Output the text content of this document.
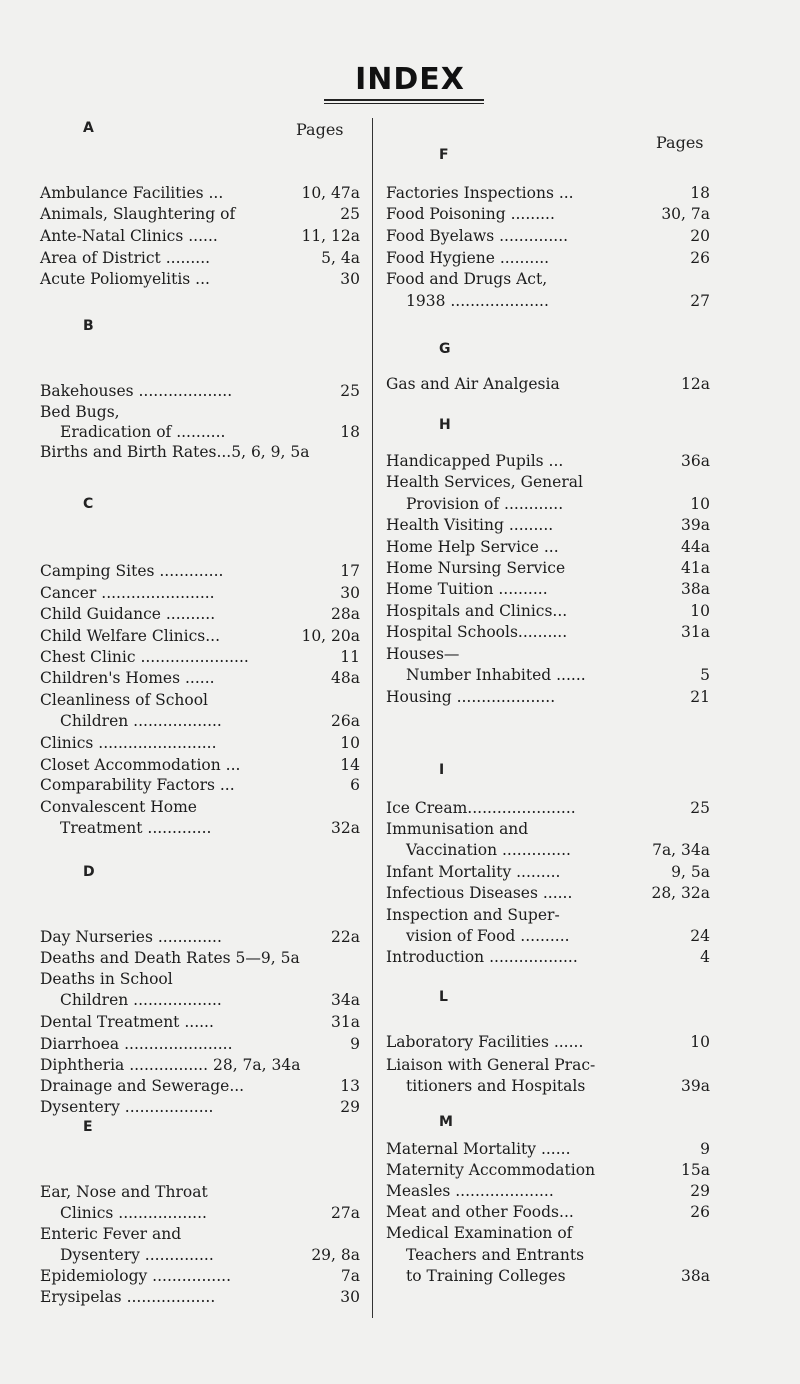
INDEX
Pages
Pages
A
Ambulance Facilities ...	10, 47a
Animals, Slaughtering of	25
Ante-Natal Clinics ......	11, 12a
Area of District .........	5, 4a
Acute Poliomyelitis ...	30
B
Bakehouses ...................	25
Bed Bugs,
Eradication of ..........	18
Births and Birth Rates...5, 6, 9, 5a
C
Camping Sites .............	17
Cancer .......................	30
Child Guidance ..........	28a
Child Welfare Clinics...	10, 20a
Chest Clinic ......................	11
Children's Homes ......	48a
Cleanliness of School
Children ..................	26a
Clinics ........................	10
Closet Accommodation ...	14
Comparability Factors ...	6
Convalescent Home
Treatment .............	32a
D
Day Nurseries .............	22a
Deaths and Death Rates 5—9, 5a
Deaths in School
Children ..................	34a
Dental Treatment ......	31a
Diarrhoea ......................	9
Diphtheria ................ 28, 7a, 34a
Drainage and Sewerage...	13
Dysentery ..................	29
E
Ear, Nose and Throat
Clinics ..................	27a
Enteric Fever and
Dysentery ..............	29, 8a
Epidemiology ................	7a
Erysipelas ..................	30
F
Factories Inspections ...	18
Food Poisoning .........	30, 7a
Food Byelaws ..............	20
Food Hygiene ..........	26
Food and Drugs Act,
1938 ....................	27
G
Gas and Air Analgesia	12a
H
Handicapped Pupils ...	36a
Health Services, General
Provision of ............	10
Health Visiting .........	39a
Home Help Service ...	44a
Home Nursing Service	41a
Home Tuition ..........	38a
Hospitals and Clinics...	10
Hospital Schools..........	31a
Houses—
Number Inhabited ......	5
Housing ....................	21
I
Ice Cream......................	25
Immunisation and
Vaccination ..............	7a, 34a
Infant Mortality .........	9, 5a
Infectious Diseases ......	28, 32a
Inspection and Super-
vision of Food ..........	24
Introduction ..................	4
L
Laboratory Facilities ......	10
Liaison with General Prac-
titioners and Hospitals	39a
M
Maternal Mortality ......	9
Maternity Accommodation	15a
Measles ....................	29
Meat and other Foods...	26
Medical Examination of
Teachers and Entrants
to Training Colleges	38a
